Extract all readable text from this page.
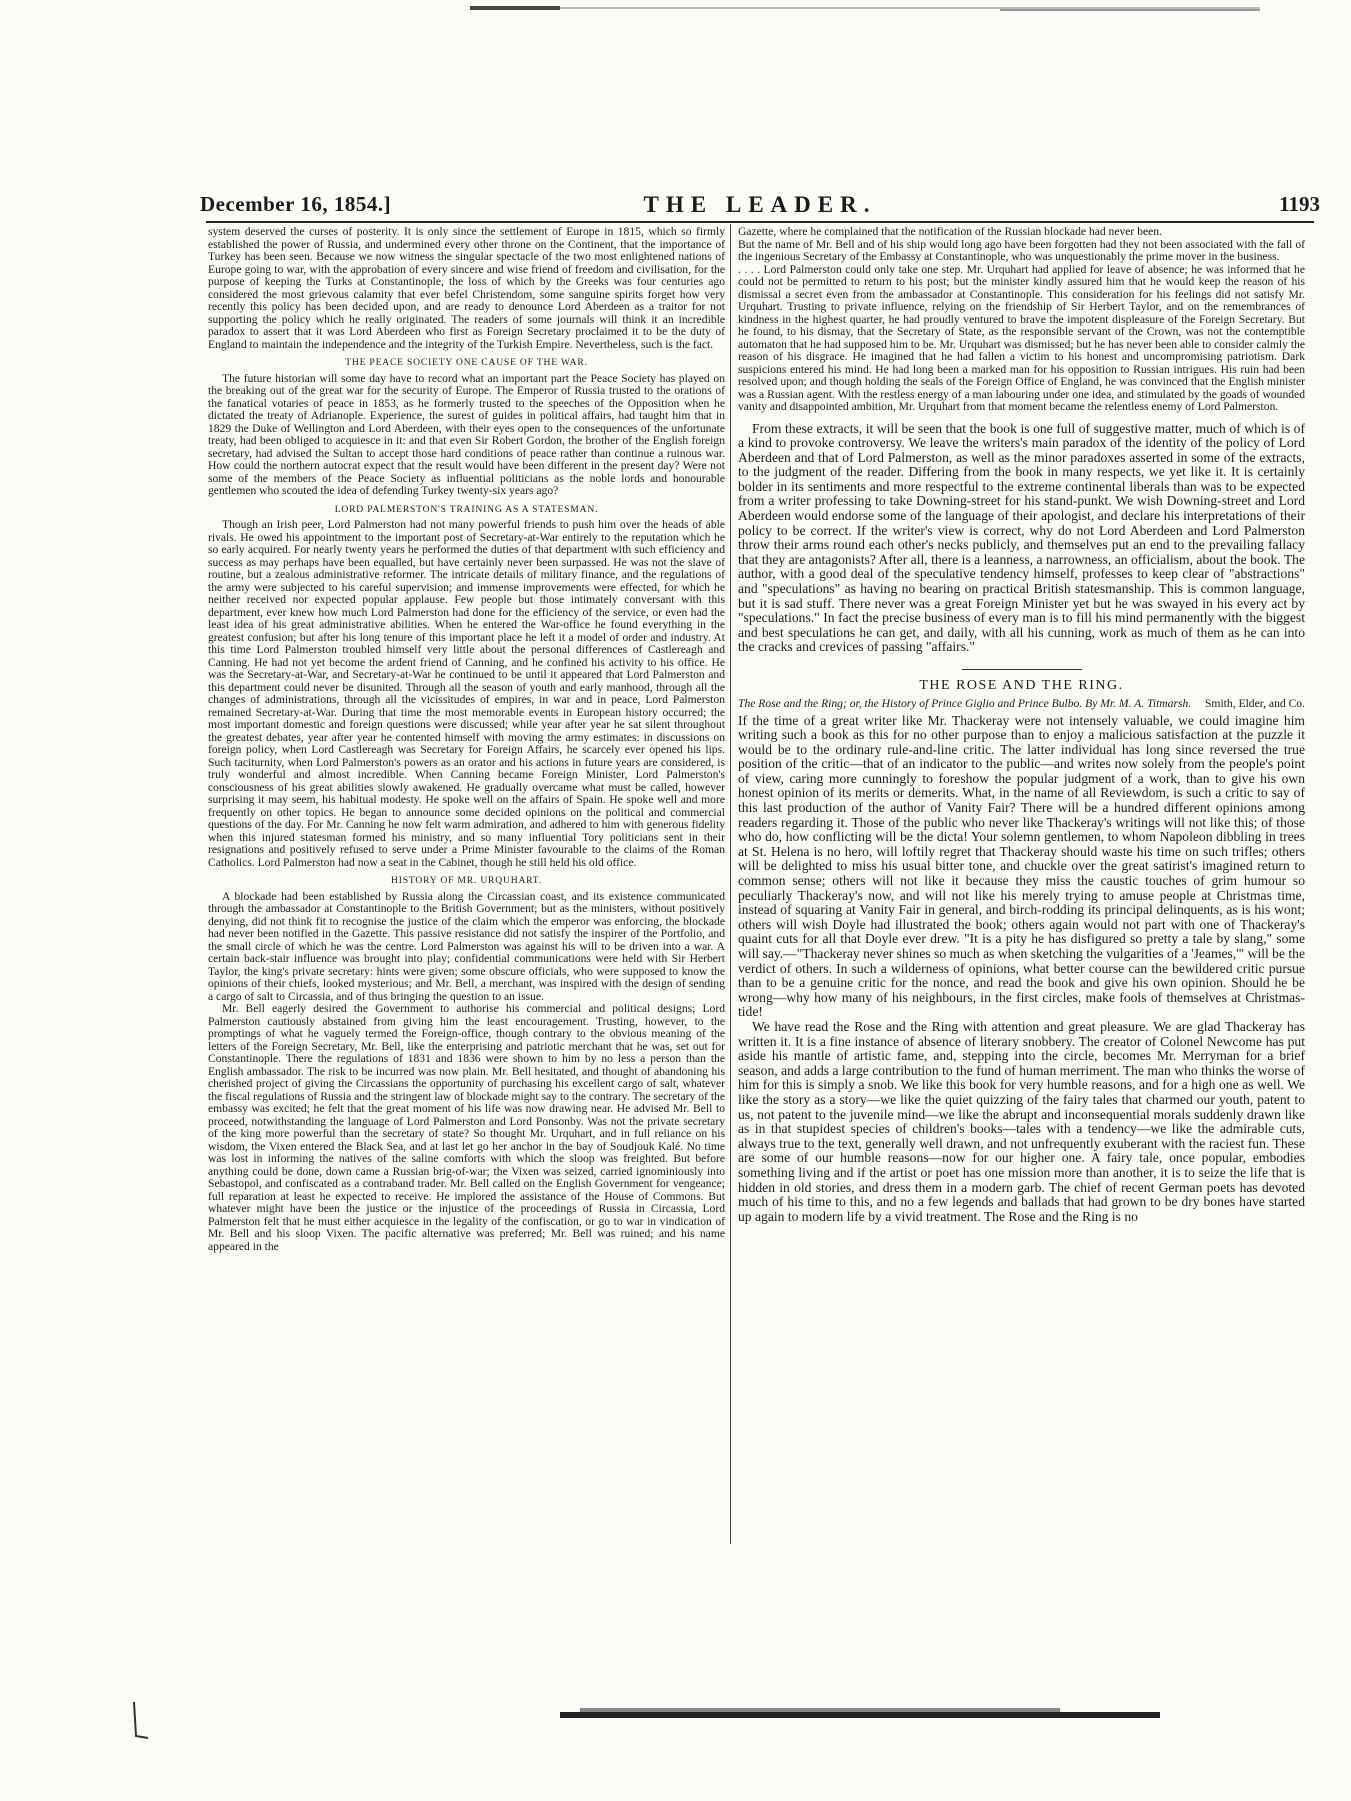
December 16, 1854.]	THE LEADER.	1193

system deserved the curses of posterity. It is only since the settlement of Europe in 1815, which so firmly established the power of Russia, and undermined every other throne on the Continent, that the importance of Turkey has been seen. Because we now witness the singular spectacle of the two most enlightened nations of Europe going to war, with the approbation of every sincere and wise friend of freedom and civilisation, for the purpose of keeping the Turks at Constantinople, the loss of which by the Greeks was four centuries ago considered the most grievous calamity that ever befel Christendom, some sanguine spirits forget how very recently this policy has been decided upon, and are ready to denounce Lord Aberdeen as a traitor for not supporting the policy which he really originated. The readers of some journals will think it an incredible paradox to assert that it was Lord Aberdeen who first as Foreign Secretary proclaimed it to be the duty of England to maintain the independence and the integrity of the Turkish Empire. Nevertheless, such is the fact.

THE PEACE SOCIETY ONE CAUSE OF THE WAR.

The future historian will some day have to record what an important part the Peace Society has played on the breaking out of the great war for the security of Europe. The Emperor of Russia trusted to the orations of the fanatical votaries of peace in 1853, as he formerly trusted to the speeches of the Opposition when he dictated the treaty of Adrianople. Experience, the surest of guides in political affairs, had taught him that in 1829 the Duke of Wellington and Lord Aberdeen, with their eyes open to the consequences of the unfortunate treaty, had been obliged to acquiesce in it: and that even Sir Robert Gordon, the brother of the English foreign secretary, had advised the Sultan to accept those hard conditions of peace rather than continue a ruinous war. How could the northern autocrat expect that the result would have been different in the present day? Were not some of the members of the Peace Society as influential politicians as the noble lords and honourable gentlemen who scouted the idea of defending Turkey twenty-six years ago?

LORD PALMERSTON'S TRAINING AS A STATESMAN.

Though an Irish peer, Lord Palmerston had not many powerful friends to push him over the heads of able rivals. He owed his appointment to the important post of Secretary-at-War entirely to the reputation which he so early acquired. For nearly twenty years he performed the duties of that department with such efficiency and success as may perhaps have been equalled, but have certainly never been surpassed. He was not the slave of routine, but a zealous administrative reformer. The intricate details of military finance, and the regulations of the army were subjected to his careful supervision; and immense improvements were effected, for which he neither received nor expected popular applause. Few people but those intimately conversant with this department, ever knew how much Lord Palmerston had done for the efficiency of the service, or even had the least idea of his great administrative abilities. When he entered the War-office he found everything in the greatest confusion; but after his long tenure of this important place he left it a model of order and industry. At this time Lord Palmerston troubled himself very little about the personal differences of Castlereagh and Canning. He had not yet become the ardent friend of Canning, and he confined his activity to his office. He was the Secretary-at-War, and Secretary-at-War he continued to be until it appeared that Lord Palmerston and this department could never be disunited. Through all the season of youth and early manhood, through all the changes of administrations, through all the vicissitudes of empires, in war and in peace, Lord Palmerston remained Secretary-at-War. During that time the most memorable events in European history occurred; the most important domestic and foreign questions were discussed; while year after year he sat silent throughout the greatest debates, year after year he contented himself with moving the army estimates: in discussions on foreign policy, when Lord Castlereagh was Secretary for Foreign Affairs, he scarcely ever opened his lips. Such taciturnity, when Lord Palmerston's powers as an orator and his actions in future years are considered, is truly wonderful and almost incredible. When Canning became Foreign Minister, Lord Palmerston's consciousness of his great abilities slowly awakened. He gradually overcame what must be called, however surprising it may seem, his habitual modesty. He spoke well on the affairs of Spain. He spoke well and more frequently on other topics. He began to announce some decided opinions on the political and commercial questions of the day. For Mr. Canning he now felt warm admiration, and adhered to him with generous fidelity when this injured statesman formed his ministry, and so many influential Tory politicians sent in their resignations and positively refused to serve under a Prime Minister favourable to the claims of the Roman Catholics. Lord Palmerston had now a seat in the Cabinet, though he still held his old office.

HISTORY OF MR. URQUHART.

A blockade had been established by Russia along the Circassian coast, and its existence communicated through the ambassador at Constantinople to the British Government; but as the ministers, without positively denying, did not think fit to recognise the justice of the claim which the emperor was enforcing, the blockade had never been notified in the Gazette. This passive resistance did not satisfy the inspirer of the Portfolio, and the small circle of which he was the centre. Lord Palmerston was against his will to be driven into a war. A certain back-stair influence was brought into play; confidential communications were held with Sir Herbert Taylor, the king's private secretary: hints were given; some obscure officials, who were supposed to know the opinions of their chiefs, looked mysterious; and Mr. Bell, a merchant, was inspired with the design of sending a cargo of salt to Circassia, and of thus bringing the question to an issue.

Mr. Bell eagerly desired the Government to authorise his commercial and political designs; Lord Palmerston cautiously abstained from giving him the least encouragement. Trusting, however, to the promptings of what he vaguely termed the Foreign-office, though contrary to the obvious meaning of the letters of the Foreign Secretary, Mr. Bell, like the enterprising and patriotic merchant that he was, set out for Constantinople. There the regulations of 1831 and 1836 were shown to him by no less a person than the English ambassador. The risk to be incurred was now plain. Mr. Bell hesitated, and thought of abandoning his cherished project of giving the Circassians the opportunity of purchasing his excellent cargo of salt, whatever the fiscal regulations of Russia and the stringent law of blockade might say to the contrary. The secretary of the embassy was excited; he felt that the great moment of his life was now drawing near. He advised Mr. Bell to proceed, notwithstanding the language of Lord Palmerston and Lord Ponsonby. Was not the private secretary of the king more powerful than the secretary of state? So thought Mr. Urquhart, and in full reliance on his wisdom, the Vixen entered the Black Sea, and at last let go her anchor in the bay of Soudjouk Kalé. No time was lost in informing the natives of the saline comforts with which the sloop was freighted. But before anything could be done, down came a Russian brig-of-war; the Vixen was seized, carried ignominiously into Sebastopol, and confiscated as a contraband trader. Mr. Bell called on the English Government for vengeance; full reparation at least he expected to receive. He implored the assistance of the House of Commons. But whatever might have been the justice or the injustice of the proceedings of Russia in Circassia, Lord Palmerston felt that he must either acquiesce in the legality of the confiscation, or go to war in vindication of Mr. Bell and his sloop Vixen. The pacific alternative was preferred; Mr. Bell was ruined; and his name appeared in the

Gazette, where he complained that the notification of the Russian blockade had never been.

But the name of Mr. Bell and of his ship would long ago have been forgotten had they not been associated with the fall of the ingenious Secretary of the Embassy at Constantinople, who was unquestionably the prime mover in the business.

. . . . Lord Palmerston could only take one step. Mr. Urquhart had applied for leave of absence; he was informed that he could not be permitted to return to his post; but the minister kindly assured him that he would keep the reason of his dismissal a secret even from the ambassador at Constantinople. This consideration for his feelings did not satisfy Mr. Urquhart. Trusting to private influence, relying on the friendship of Sir Herbert Taylor, and on the remembrances of kindness in the highest quarter, he had proudly ventured to brave the impotent displeasure of the Foreign Secretary. But he found, to his dismay, that the Secretary of State, as the responsible servant of the Crown, was not the contemptible automaton that he had supposed him to be. Mr. Urquhart was dismissed; but he has never been able to consider calmly the reason of his disgrace. He imagined that he had fallen a victim to his honest and uncompromising patriotism. Dark suspicions entered his mind. He had long been a marked man for his opposition to Russian intrigues. His ruin had been resolved upon; and though holding the seals of the Foreign Office of England, he was convinced that the English minister was a Russian agent. With the restless energy of a man labouring under one idea, and stimulated by the goads of wounded vanity and disappointed ambition, Mr. Urquhart from that moment became the relentless enemy of Lord Palmerston.

From these extracts, it will be seen that the book is one full of suggestive matter, much of which is of a kind to provoke controversy. We leave the writers's main paradox of the identity of the policy of Lord Aberdeen and that of Lord Palmerston, as well as the minor paradoxes asserted in some of the extracts, to the judgment of the reader. Differing from the book in many respects, we yet like it. It is certainly bolder in its sentiments and more respectful to the extreme continental liberals than was to be expected from a writer professing to take Downing-street for his stand-punkt. We wish Downing-street and Lord Aberdeen would endorse some of the language of their apologist, and declare his interpretations of their policy to be correct. If the writer's view is correct, why do not Lord Aberdeen and Lord Palmerston throw their arms round each other's necks publicly, and themselves put an end to the prevailing fallacy that they are antagonists? After all, there is a leanness, a narrowness, an officialism, about the book. The author, with a good deal of the speculative tendency himself, professes to keep clear of "abstractions" and "speculations" as having no bearing on practical British statesmanship. This is common language, but it is sad stuff. There never was a great Foreign Minister yet but he was swayed in his every act by "speculations." In fact the precise business of every man is to fill his mind permanently with the biggest and best speculations he can get, and daily, with all his cunning, work as much of them as he can into the cracks and crevices of passing "affairs."

THE ROSE AND THE RING.

The Rose and the Ring; or, the History of Prince Giglio and Prince Bulbo. By Mr. M. A. Titmarsh. Smith, Elder, and Co.

If the time of a great writer like Mr. Thackeray were not intensely valuable, we could imagine him writing such a book as this for no other purpose than to enjoy a malicious satisfaction at the puzzle it would be to the ordinary rule-and-line critic. The latter individual has long since reversed the true position of the critic—that of an indicator to the public—and writes now solely from the people's point of view, caring more cunningly to foreshow the popular judgment of a work, than to give his own honest opinion of its merits or demerits. What, in the name of all Reviewdom, is such a critic to say of this last production of the author of Vanity Fair? There will be a hundred different opinions among readers regarding it. Those of the public who never like Thackeray's writings will not like this; of those who do, how conflicting will be the dicta! Your solemn gentlemen, to whom Napoleon dibbling in trees at St. Helena is no hero, will loftily regret that Thackeray should waste his time on such trifles; others will be delighted to miss his usual bitter tone, and chuckle over the great satirist's imagined return to common sense; others will not like it because they miss the caustic touches of grim humour so peculiarly Thackeray's now, and will not like his merely trying to amuse people at Christmas time, instead of squaring at Vanity Fair in general, and birch-rodding its principal delinquents, as is his wont; others will wish Doyle had illustrated the book; others again would not part with one of Thackeray's quaint cuts for all that Doyle ever drew. "It is a pity he has disfigured so pretty a tale by slang," some will say.—"Thackeray never shines so much as when sketching the vulgarities of a 'Jeames,'" will be the verdict of others. In such a wilderness of opinions, what better course can the bewildered critic pursue than to be a genuine critic for the nonce, and read the book and give his own opinion. Should he be wrong—why how many of his neighbours, in the first circles, make fools of themselves at Christmas-tide!

We have read the Rose and the Ring with attention and great pleasure. We are glad Thackeray has written it. It is a fine instance of absence of literary snobbery. The creator of Colonel Newcome has put aside his mantle of artistic fame, and, stepping into the circle, becomes Mr. Merryman for a brief season, and adds a large contribution to the fund of human merriment. The man who thinks the worse of him for this is simply a snob. We like this book for very humble reasons, and for a high one as well. We like the story as a story—we like the quiet quizzing of the fairy tales that charmed our youth, patent to us, not patent to the juvenile mind—we like the abrupt and inconsequential morals suddenly drawn like as in that stupidest species of children's books—tales with a tendency—we like the admirable cuts, always true to the text, generally well drawn, and not unfrequently exuberant with the raciest fun. These are some of our humble reasons—now for our higher one. A fairy tale, once popular, embodies something living and if the artist or poet has one mission more than another, it is to seize the life that is hidden in old stories, and dress them in a modern garb. The chief of recent German poets has devoted much of his time to this, and no a few legends and ballads that had grown to be dry bones have started up again to modern life by a vivid treatment. The Rose and the Ring is no
